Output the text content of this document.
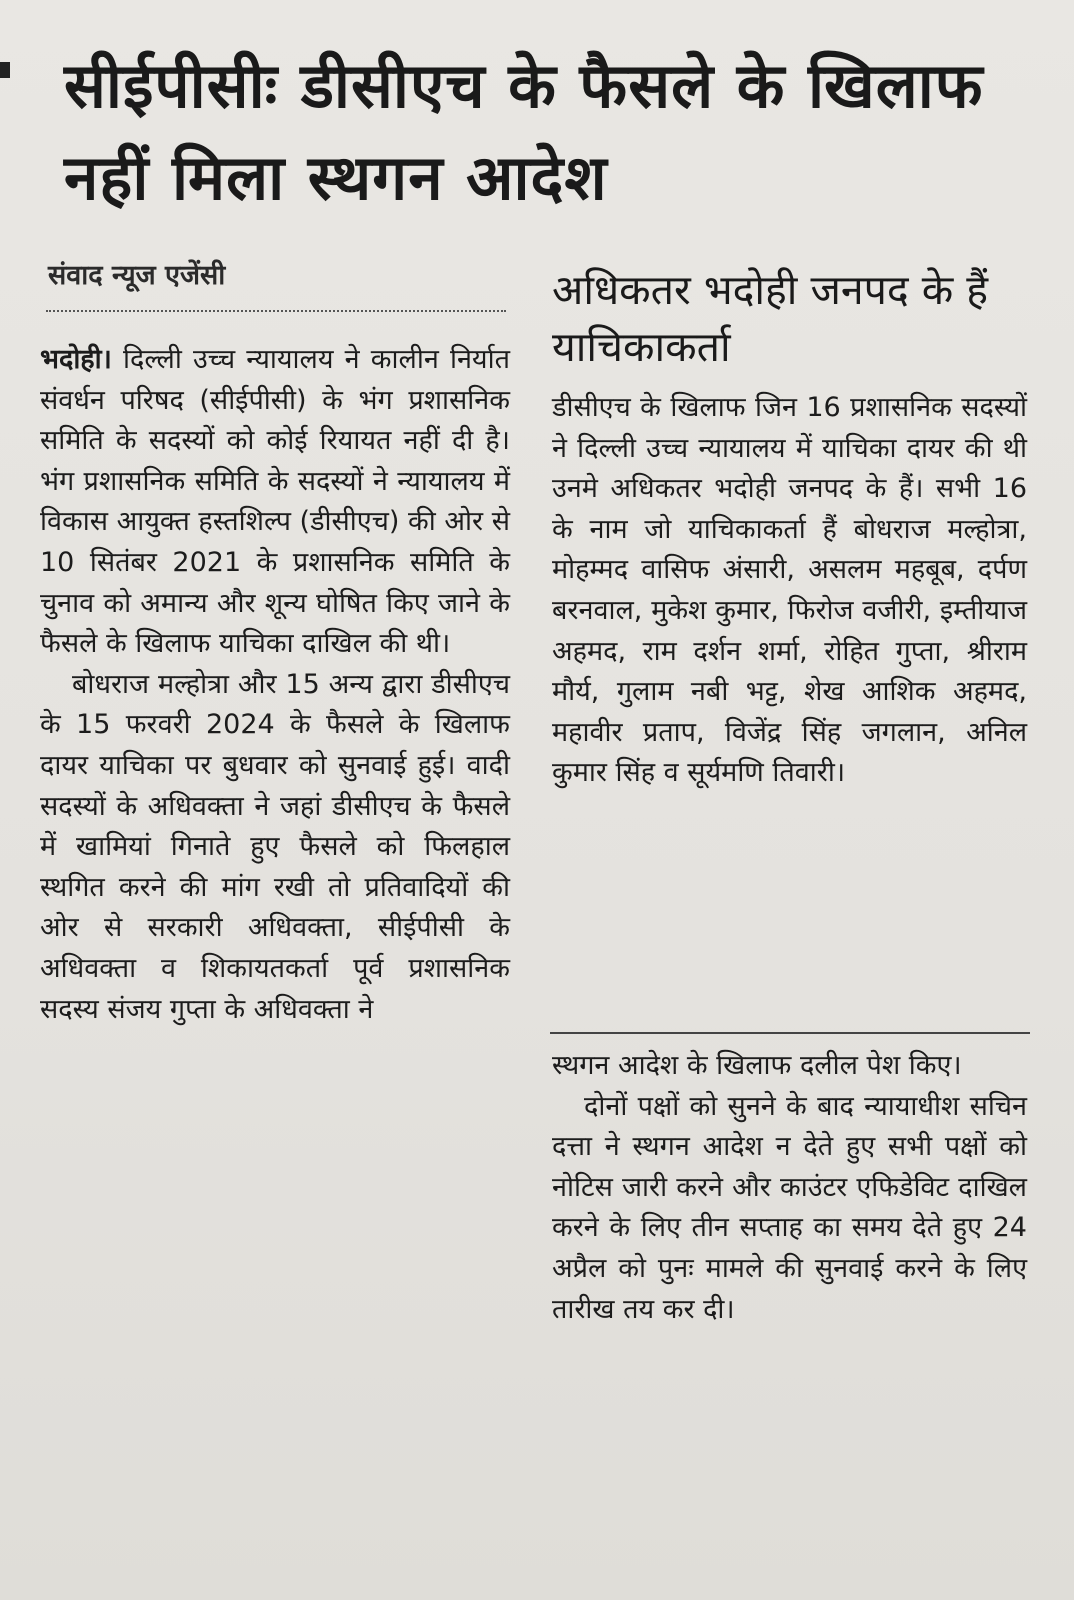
सीईपीसीः डीसीएच के फैसले के खिलाफ नहीं मिला स्थगन आदेश
संवाद न्यूज एजेंसी

भदोही। दिल्ली उच्च न्यायालय ने कालीन निर्यात संवर्धन परिषद (सीईपीसी) के भंग प्रशासनिक समिति के सदस्यों को कोई रियायत नहीं दी है। भंग प्रशासनिक समिति के सदस्यों ने न्यायालय में विकास आयुक्त हस्तशिल्प (डीसीएच) की ओर से 10 सितंबर 2021 के प्रशासनिक समिति के चुनाव को अमान्य और शून्य घोषित किए जाने के फैसले के खिलाफ याचिका दाखिल की थी।

बोधराज मल्होत्रा और 15 अन्य द्वारा डीसीएच के 15 फरवरी 2024 के फैसले के खिलाफ दायर याचिका पर बुधवार को सुनवाई हुई। वादी सदस्यों के अधिवक्ता ने जहां डीसीएच के फैसले में खामियां गिनाते हुए फैसले को फिलहाल स्थगित करने की मांग रखी तो प्रतिवादियों की ओर से सरकारी अधिवक्ता, सीईपीसी के अधिवक्ता व शिकायतकर्ता पूर्व प्रशासनिक सदस्य संजय गुप्ता के अधिवक्ता ने

अधिकतर भदोही जनपद के हैं याचिकाकर्ता

डीसीएच के खिलाफ जिन 16 प्रशासनिक सदस्यों ने दिल्ली उच्च न्यायालय में याचिका दायर की थी उनमे अधिकतर भदोही जनपद के हैं। सभी 16 के नाम जो याचिकाकर्ता हैं बोधराज मल्होत्रा, मोहम्मद वासिफ अंसारी, असलम महबूब, दर्पण बरनवाल, मुकेश कुमार, फिरोज वजीरी, इम्तीयाज अहमद, राम दर्शन शर्मा, रोहित गुप्ता, श्रीराम मौर्य, गुलाम नबी भट्ट, शेख आशिक अहमद, महावीर प्रताप, विजेंद्र सिंह जगलान, अनिल कुमार सिंह व सूर्यमणि तिवारी।

स्थगन आदेश के खिलाफ दलील पेश किए।

दोनों पक्षों को सुनने के बाद न्यायाधीश सचिन दत्ता ने स्थगन आदेश न देते हुए सभी पक्षों को नोटिस जारी करने और काउंटर एफिडेविट दाखिल करने के लिए तीन सप्ताह का समय देते हुए 24 अप्रैल को पुनः मामले की सुनवाई करने के लिए तारीख तय कर दी।
